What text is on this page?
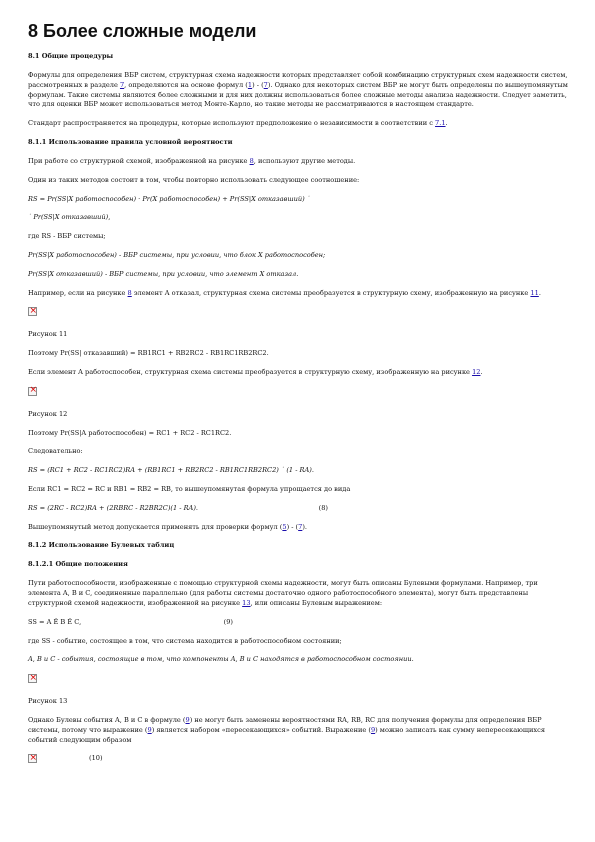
8 Более сложные модели
8.1 Общие процедуры

Формулы для определения ВБР систем, структурная схема надежности которых представляет собой комбинацию структурных схем надежности систем, рассмотренных в разделе 7, определяются на основе формул (1) - (7). Однако для некоторых систем ВБР не могут быть определены по вышеупомянутым формулам. Такие системы являются более сложными и для них должны использоваться более сложные методы анализа надежности. Следует заметить, что для оценки ВБР может использоваться метод Монте-Карло, но такие методы не рассматриваются в настоящем стандарте.

Стандарт распространяется на процедуры, которые используют предположение о независимости в соответствии с 7.1.

8.1.1 Использование правила условной вероятности

При работе со структурной схемой, изображенной на рисунке 8, используют другие методы.

Один из таких методов состоит в том, чтобы повторно использовать следующее соотношение:

RS = Pr(SS|X работоспособен) · Pr(X работоспособен) + Pr(SS|X отказавший) ˙

˙ Pr(SS|X отказавший),

где RS - ВБР системы;

Pr(SS|X работоспособен) - ВБР системы, при условии, что блок X работоспособен;

Pr(SS|X отказавший) - ВБР системы, при условии, что элемент X отказал.

Например, если на рисунке 8 элемент A отказал, структурная схема системы преобразуется в структурную схему, изображенную на рисунке 11.

×

Рисунок 11

Поэтому Pr(SS| отказавший) = RB1RC1 + RB2RC2 - RB1RC1RB2RC2.

Если элемент A работоспособен, структурная схема системы преобразуется в структурную схему, изображенную на рисунке 12.

×

Рисунок 12

Поэтому Pr(SS|A работоспособен) = RC1 + RC2 - RC1RC2.

Следовательно:

RS = (RC1 + RC2 - RC1RC2)RA + (RB1RC1 + RB2RC2 - RB1RC1RB2RC2) ˙ (1 - RA).

Если RC1 = RC2 = RC и RB1 = RB2 = RB, то вышеупомянутая формула упрощается до вида

RS = (2RC - RC2)RA + (2RBRC - R2BR2C)(1 - RA).	(8)

Вышеупомянутый метод допускается применять для проверки формул (5) - (7).

8.1.2 Использование Булевых таблиц
8.1.2.1 Общие положения

Пути работоспособности, изображенные с помощью структурной схемы надежности, могут быть описаны Булевыми формулами. Например, три элемента A, B и C, соединенные параллельно (для работы системы достаточно одного работоспособного элемента), могут быть представлены структурной схемой надежности, изображенной на рисунке 13, или описаны Булевым выражением:

SS = A Ě B Ě C,	(9)

где SS - событие, состоящее в том, что система находится в работоспособном состоянии;

A, B и C - события, состоящие в том, что компоненты A, B и C находятся в работоспособном состоянии.

×

Рисунок 13

Однако Булевы события A, B и C в формуле (9) не могут быть заменены вероятностями RA, RB, RC для получения формулы для определения ВБР системы, потому что выражение (9) является набором «пересекающихся» событий. Выражение (9) можно записать как сумму непересекающихся событий следующим образом

×

(10)
